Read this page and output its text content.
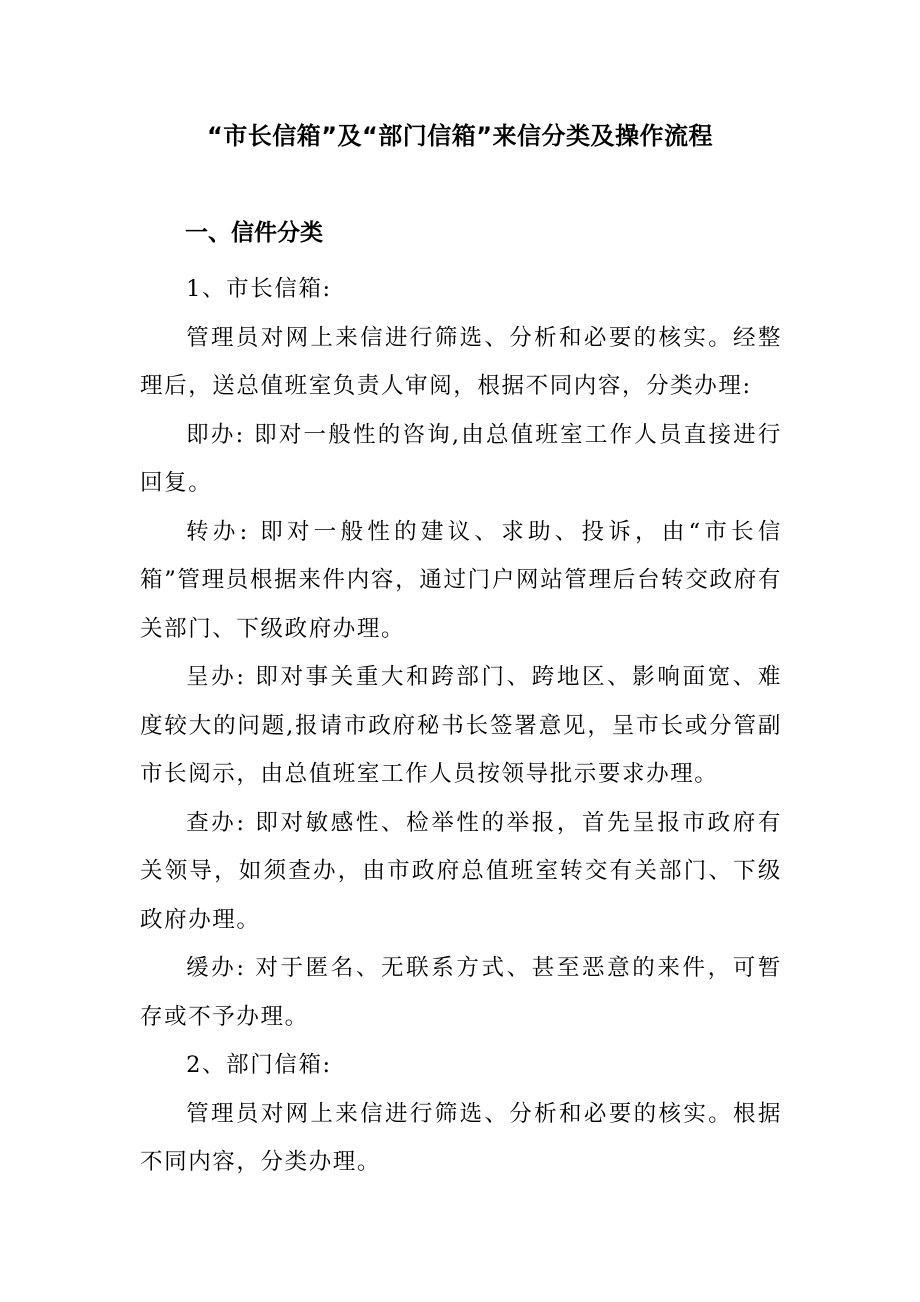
“市长信箱”及“部门信箱”来信分类及操作流程
一、信件分类

1、市长信箱:

管理员对网上来信进行筛选、分析和必要的核实。经整理后，送总值班室负责人审阅，根据不同内容，分类办理:

即办: 即对一般性的咨询,由总值班室工作人员直接进行回复。

转办: 即对一般性的建议、求助、投诉，由“市长信箱”管理员根据来件内容，通过门户网站管理后台转交政府有关部门、下级政府办理。

呈办: 即对事关重大和跨部门、跨地区、影响面宽、难度较大的问题,报请市政府秘书长签署意见，呈市长或分管副市长阅示，由总值班室工作人员按领导批示要求办理。

查办: 即对敏感性、检举性的举报，首先呈报市政府有关领导，如须查办，由市政府总值班室转交有关部门、下级政府办理。

缓办: 对于匿名、无联系方式、甚至恶意的来件，可暂存或不予办理。

2、部门信箱:

管理员对网上来信进行筛选、分析和必要的核实。根据不同内容，分类办理。
